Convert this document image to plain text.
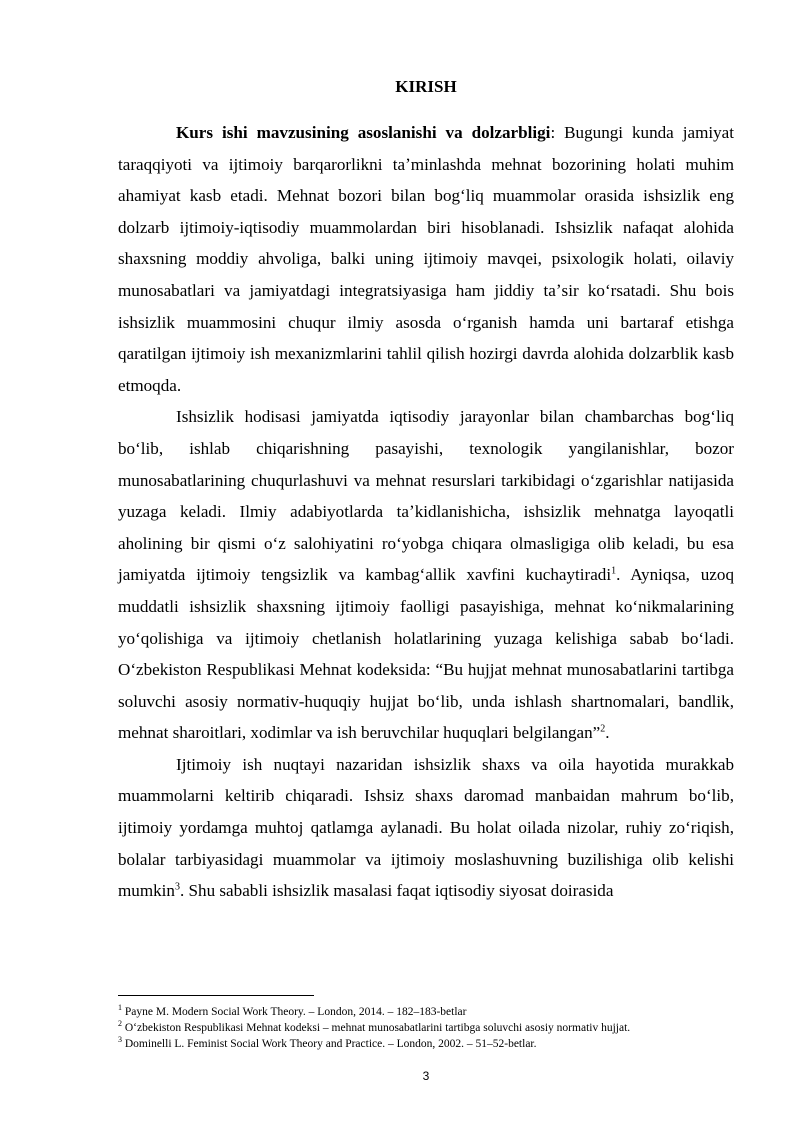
KIRISH

Kurs ishi mavzusining asoslanishi va dolzarbligi: Bugungi kunda jamiyat taraqqiyoti va ijtimoiy barqarorlikni taʼminlashda mehnat bozorining holati muhim ahamiyat kasb etadi. Mehnat bozori bilan bogʻliq muammolar orasida ishsizlik eng dolzarb ijtimoiy-iqtisodiy muammolardan biri hisoblanadi. Ishsizlik nafaqat alohida shaxsning moddiy ahvoliga, balki uning ijtimoiy mavqei, psixologik holati, oilaviy munosabatlari va jamiyatdagi integratsiyasiga ham jiddiy taʼsir koʻrsatadi. Shu bois ishsizlik muammosini chuqur ilmiy asosda oʻrganish hamda uni bartaraf etishga qaratilgan ijtimoiy ish mexanizmlarini tahlil qilish hozirgi davrda alohida dolzarblik kasb etmoqda.

Ishsizlik hodisasi jamiyatda iqtisodiy jarayonlar bilan chambarchas bogʻliq boʻlib, ishlab chiqarishning pasayishi, texnologik yangilanishlar, bozor munosabatlarining chuqurlashuvi va mehnat resurslari tarkibidagi oʻzgarishlar natijasida yuzaga keladi. Ilmiy adabiyotlarda taʼkidlanishicha, ishsizlik mehnatga layoqatli aholining bir qismi oʻz salohiyatini roʻyobga chiqara olmasligiga olib keladi, bu esa jamiyatda ijtimoiy tengsizlik va kambagʻallik xavfini kuchaytiradi$^1$. Ayniqsa, uzoq muddatli ishsizlik shaxsning ijtimoiy faolligi pasayishiga, mehnat koʻnikmalarining yoʻqolishiga va ijtimoiy chetlanish holatlarining yuzaga kelishiga sabab boʻladi. Oʻzbekiston Respublikasi Mehnat kodeksida: “Bu hujjat mehnat munosabatlarini tartibga soluvchi asosiy normativ-huquqiy hujjat boʻlib, unda ishlash shartnomalari, bandlik, mehnat sharoitlari, xodimlar va ish beruvchilar huquqlari belgilangan”$^2$.

Ijtimoiy ish nuqtayi nazaridan ishsizlik shaxs va oila hayotida murakkab muammolarni keltirib chiqaradi. Ishsiz shaxs daromad manbaidan mahrum boʻlib, ijtimoiy yordamga muhtoj qatlamga aylanadi. Bu holat oilada nizolar, ruhiy zoʻriqish, bolalar tarbiyasidagi muammolar va ijtimoiy moslashuvning buzilishiga olib kelishi mumkin$^3$. Shu sababli ishsizlik masalasi faqat iqtisodiy siyosat doirasida

$^1$ Payne M. Modern Social Work Theory. – London, 2014. – 182–183-betlar
$^2$ Oʻzbekiston Respublikasi Mehnat kodeksi – mehnat munosabatlarini tartibga soluvchi asosiy normativ hujjat.
$^3$ Dominelli L. Feminist Social Work Theory and Practice. – London, 2002. – 51–52-betlar.
3
